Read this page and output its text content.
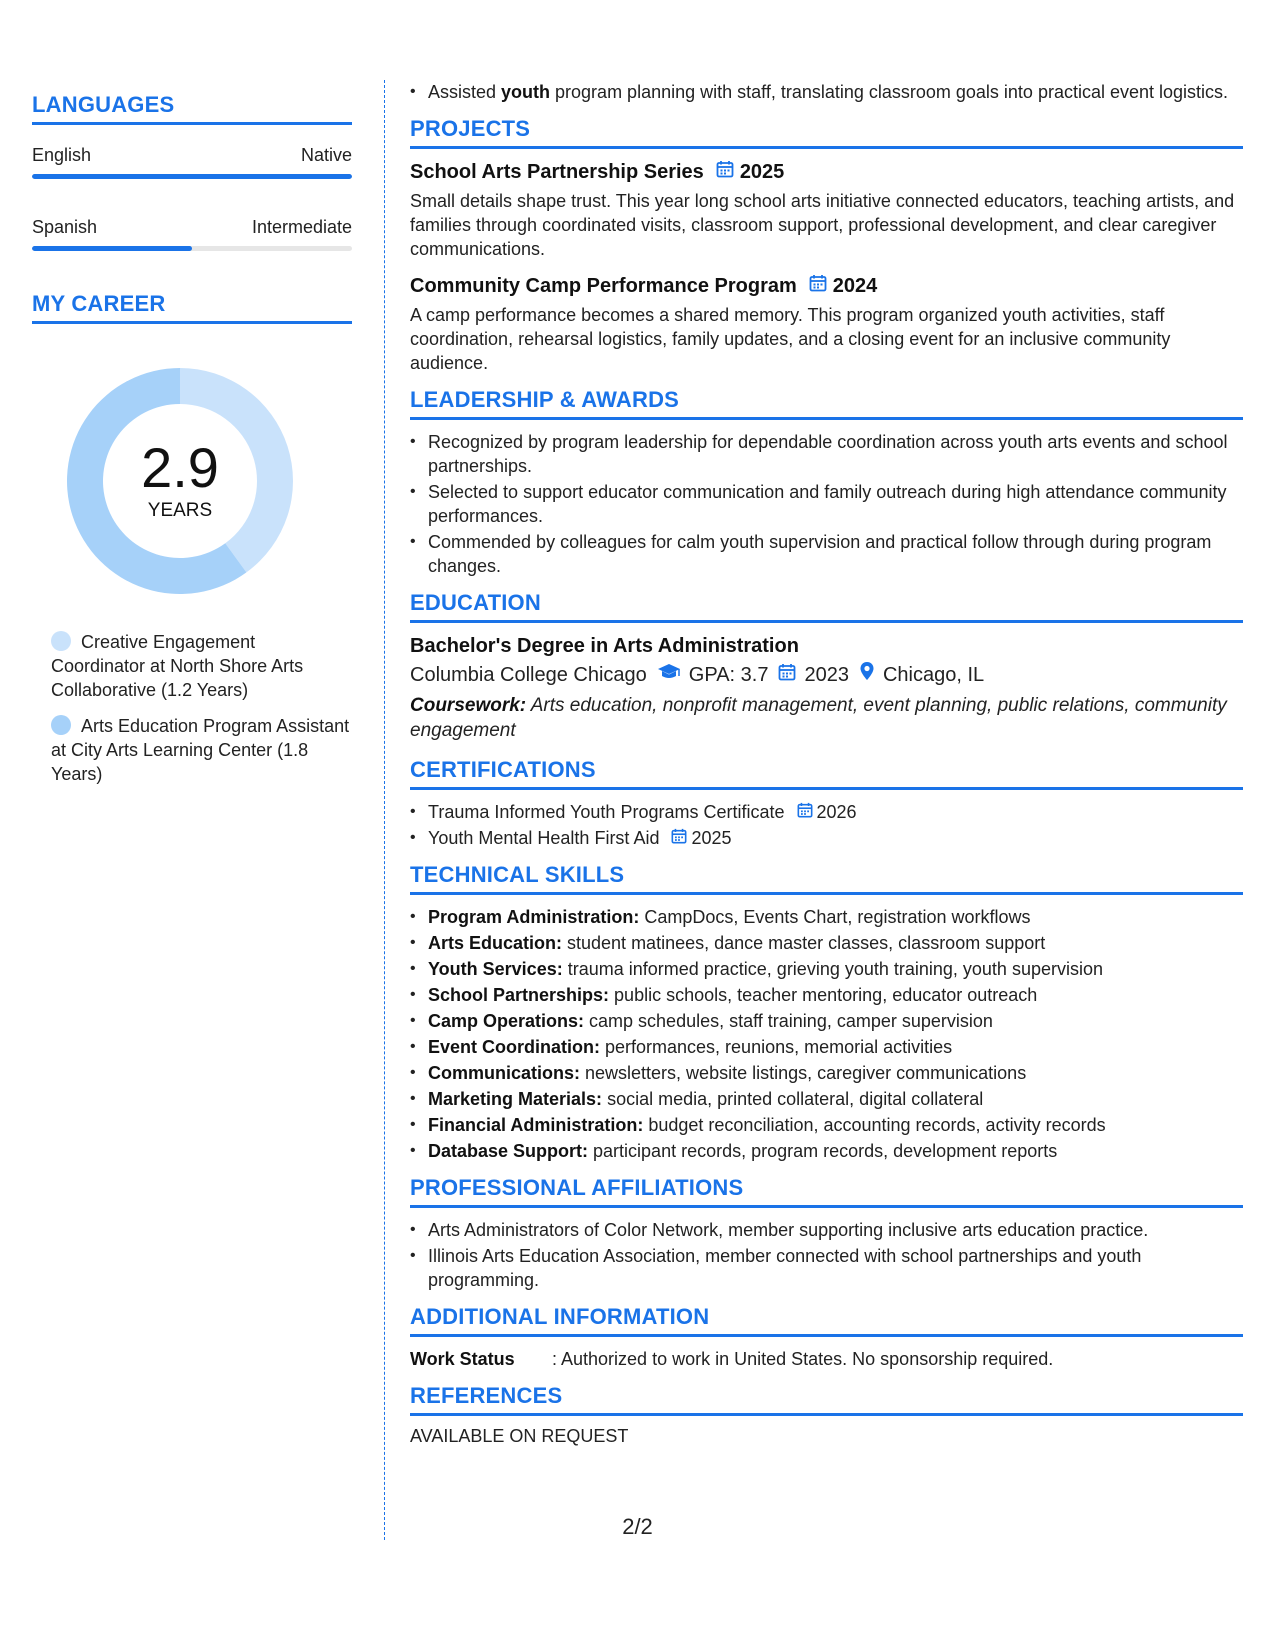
LANGUAGES
English	Native
Spanish	Intermediate
MY CAREER
2.9
YEARS
Creative Engagement Coordinator at North Shore Arts Collaborative (1.2 Years)
Arts Education Program Assistant at City Arts Learning Center (1.8 Years)
• Assisted youth program planning with staff, translating classroom goals into practical event logistics.
PROJECTS
School Arts Partnership Series 2025
Small details shape trust. This year long school arts initiative connected educators, teaching artists, and families through coordinated visits, classroom support, professional development, and clear caregiver communications.
Community Camp Performance Program 2024
A camp performance becomes a shared memory. This program organized youth activities, staff coordination, rehearsal logistics, family updates, and a closing event for an inclusive community audience.
LEADERSHIP & AWARDS
• Recognized by program leadership for dependable coordination across youth arts events and school partnerships.
• Selected to support educator communication and family outreach during high attendance community performances.
• Commended by colleagues for calm youth supervision and practical follow through during program changes.
EDUCATION
Bachelor's Degree in Arts Administration
Columbia College Chicago GPA: 3.7 2023 Chicago, IL
Coursework: Arts education, nonprofit management, event planning, public relations, community engagement
CERTIFICATIONS
• Trauma Informed Youth Programs Certificate 2026
• Youth Mental Health First Aid 2025
TECHNICAL SKILLS
• Program Administration: CampDocs, Events Chart, registration workflows
• Arts Education: student matinees, dance master classes, classroom support
• Youth Services: trauma informed practice, grieving youth training, youth supervision
• School Partnerships: public schools, teacher mentoring, educator outreach
• Camp Operations: camp schedules, staff training, camper supervision
• Event Coordination: performances, reunions, memorial activities
• Communications: newsletters, website listings, caregiver communications
• Marketing Materials: social media, printed collateral, digital collateral
• Financial Administration: budget reconciliation, accounting records, activity records
• Database Support: participant records, program records, development reports
PROFESSIONAL AFFILIATIONS
• Arts Administrators of Color Network, member supporting inclusive arts education practice.
• Illinois Arts Education Association, member connected with school partnerships and youth programming.
ADDITIONAL INFORMATION
Work Status	: Authorized to work in United States. No sponsorship required.
REFERENCES
AVAILABLE ON REQUEST
2/2
